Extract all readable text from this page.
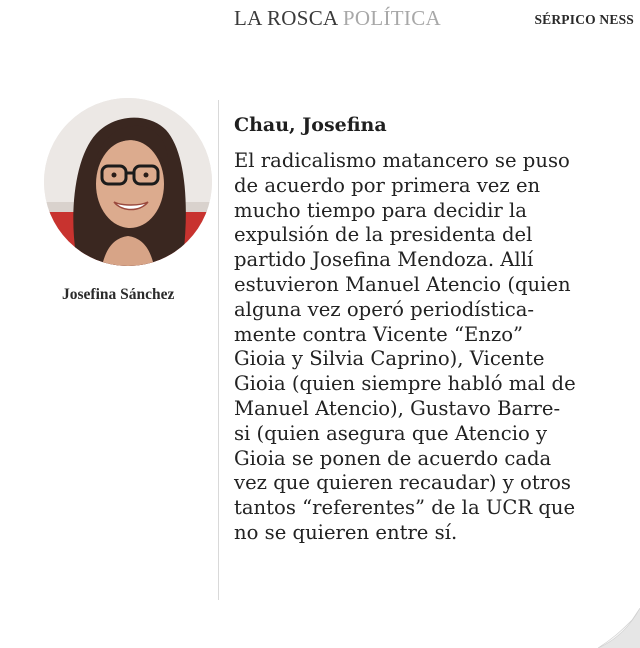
LA ROSCA POLÍTICA	SÉRPICO NESS
Josefina Sánchez
Chau, Josefina
El radicalismo matancero se puso
de acuerdo por primera vez en
mucho tiempo para decidir la
expulsión de la presidenta del
partido Josefina Mendoza. Allí
estuvieron Manuel Atencio (quien
alguna vez operó periodística-
mente contra Vicente “Enzo”
Gioia y Silvia Caprino), Vicente
Gioia (quien siempre habló mal de
Manuel Atencio), Gustavo Barre-
si (quien asegura que Atencio y
Gioia se ponen de acuerdo cada
vez que quieren recaudar) y otros
tantos “referentes” de la UCR que
no se quieren entre sí.
